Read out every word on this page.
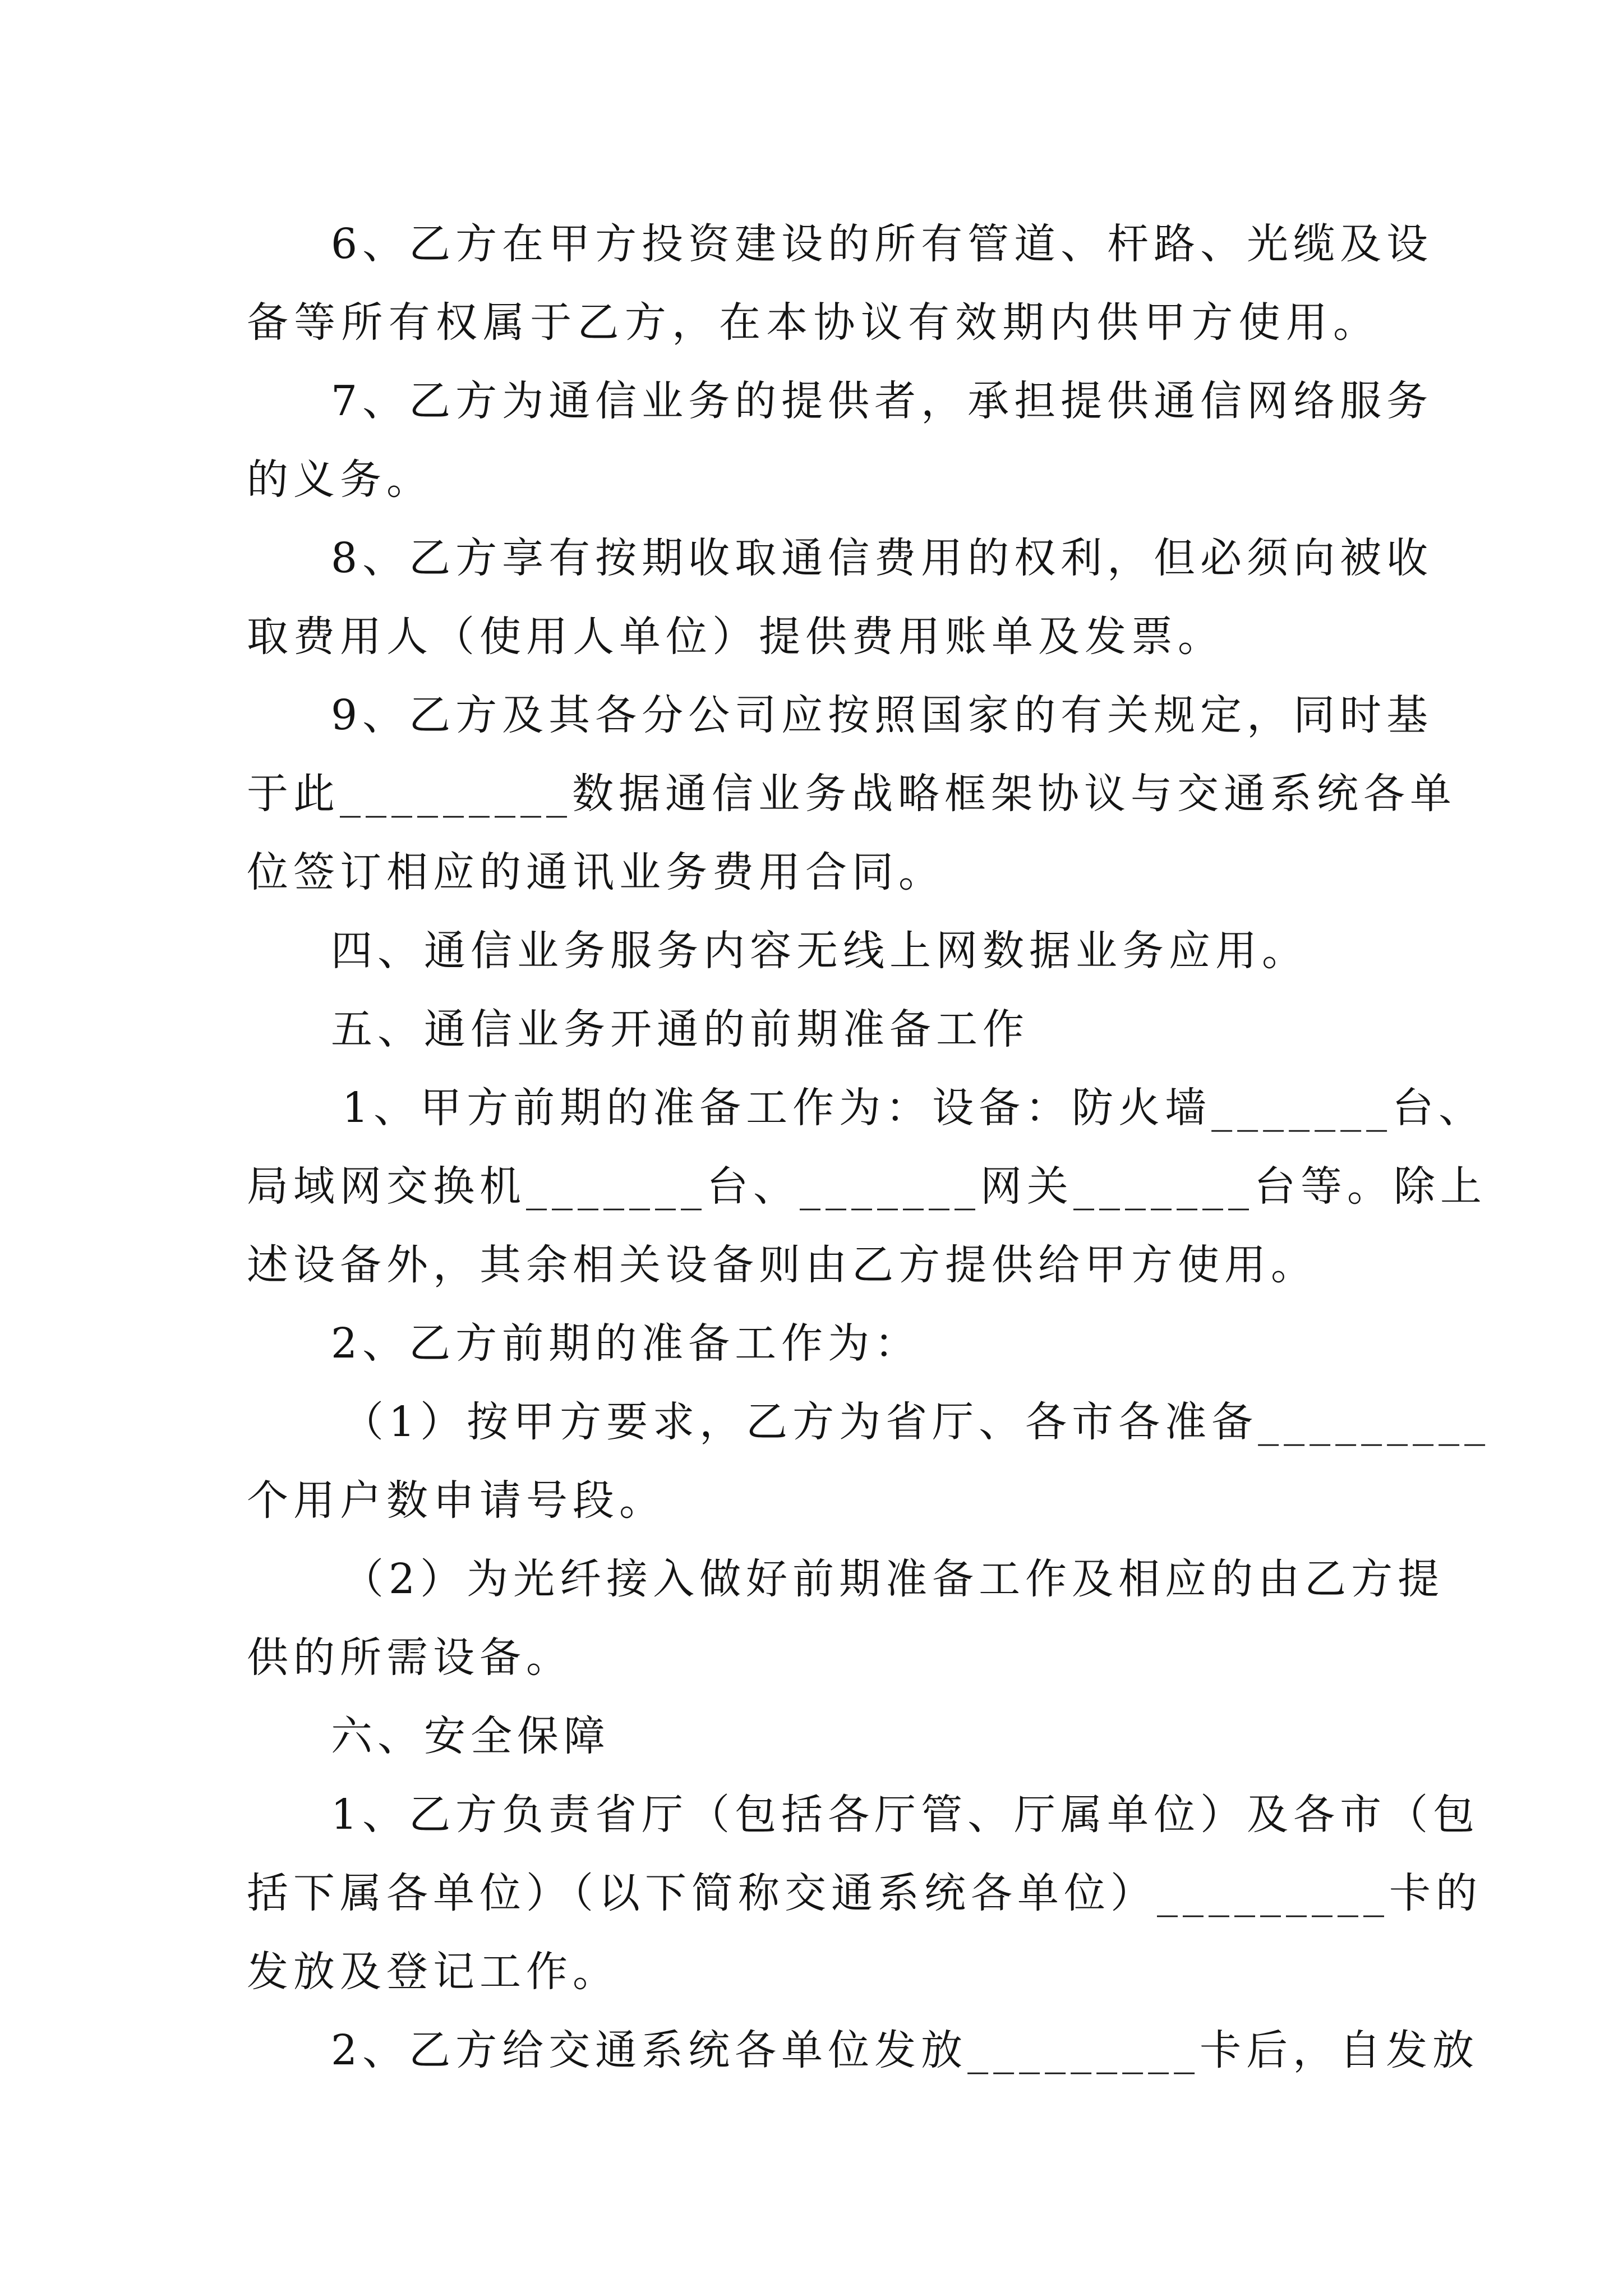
6、乙方在甲方投资建设的所有管道、杆路、光缆及设
备等所有权属于乙方，在本协议有效期内供甲方使用。
7、乙方为通信业务的提供者，承担提供通信网络服务
的义务。
8、乙方享有按期收取通信费用的权利，但必须向被收
取费用人（使用人单位）提供费用账单及发票。
9、乙方及其各分公司应按照国家的有关规定，同时基
于此_________数据通信业务战略框架协议与交通系统各单
位签订相应的通讯业务费用合同。
四、通信业务服务内容无线上网数据业务应用。
五、通信业务开通的前期准备工作
1、甲方前期的准备工作为：设备：防火墙_______台、
局域网交换机_______台、_______网关_______台等。除上
述设备外，其余相关设备则由乙方提供给甲方使用。
2、乙方前期的准备工作为：
（1）按甲方要求，乙方为省厅、各市各准备_________
个用户数申请号段。
（2）为光纤接入做好前期准备工作及相应的由乙方提
供的所需设备。
六、安全保障
1、乙方负责省厅（包括各厅管、厅属单位）及各市（包
括下属各单位）（以下简称交通系统各单位）_________卡的
发放及登记工作。
2、乙方给交通系统各单位发放_________卡后，自发放
